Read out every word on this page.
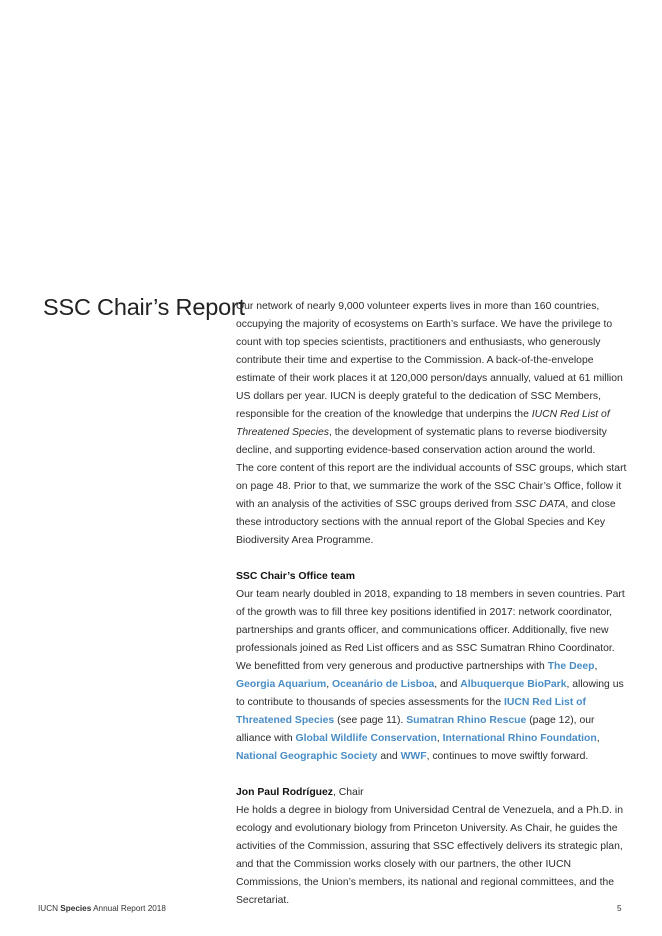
SSC Chair’s Report

Our network of nearly 9,000 volunteer experts lives in more than 160 countries, occupying the majority of ecosystems on Earth’s surface. We have the privilege to count with top species scientists, practitioners and enthusiasts, who generously contribute their time and expertise to the Commission. A back-of-the-envelope estimate of their work places it at 120,000 person/days annually, valued at 61 million US dollars per year. IUCN is deeply grateful to the dedication of SSC Members, responsible for the creation of the knowledge that underpins the IUCN Red List of Threatened Species, the development of systematic plans to reverse biodiversity decline, and supporting evidence-based conservation action around the world.

The core content of this report are the individual accounts of SSC groups, which start on page 48. Prior to that, we summarize the work of the SSC Chair’s Office, follow it with an analysis of the activities of SSC groups derived from SSC DATA, and close these introductory sections with the annual report of the Global Species and Key Biodiversity Area Programme.

SSC Chair’s Office team

Our team nearly doubled in 2018, expanding to 18 members in seven countries. Part of the growth was to fill three key positions identified in 2017: network coordinator, partnerships and grants officer, and communications officer. Additionally, five new professionals joined as Red List officers and as SSC Sumatran Rhino Coordinator. We benefitted from very generous and productive partnerships with The Deep, Georgia Aquarium, Oceanário de Lisboa, and Albuquerque BioPark, allowing us to contribute to thousands of species assessments for the IUCN Red List of Threatened Species (see page 11). Sumatran Rhino Rescue (page 12), our alliance with Global Wildlife Conservation, International Rhino Foundation, National Geographic Society and WWF, continues to move swiftly forward.

Jon Paul Rodríguez, Chair

He holds a degree in biology from Universidad Central de Venezuela, and a Ph.D. in ecology and evolutionary biology from Princeton University. As Chair, he guides the activities of the Commission, assuring that SSC effectively delivers its strategic plan, and that the Commission works closely with our partners, the other IUCN Commissions, the Union’s members, its national and regional committees, and the Secretariat.

IUCN Species Annual Report 2018	5
